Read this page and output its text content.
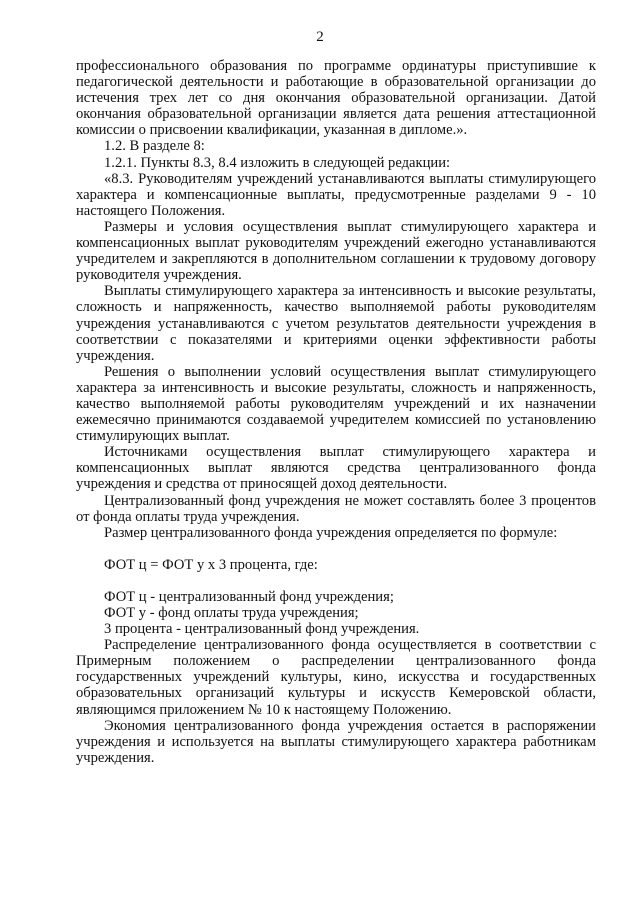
2

профессионального образования по программе ординатуры приступившие к педагогической деятельности и работающие в образовательной организации до истечения трех лет со дня окончания образовательной организации. Датой окончания образовательной организации является дата решения аттестационной комиссии о присвоении квалификации, указанная в дипломе.».

1.2. В разделе 8:

1.2.1. Пункты 8.3, 8.4 изложить в следующей редакции:

«8.3. Руководителям учреждений устанавливаются выплаты стимулирующего характера и компенсационные выплаты, предусмотренные разделами 9 - 10 настоящего Положения.

Размеры и условия осуществления выплат стимулирующего характера и компенсационных выплат руководителям учреждений ежегодно устанавливаются учредителем и закрепляются в дополнительном соглашении к трудовому договору руководителя учреждения.

Выплаты стимулирующего характера за интенсивность и высокие результаты, сложность и напряженность, качество выполняемой работы руководителям учреждения устанавливаются с учетом результатов деятельности учреждения в соответствии с показателями и критериями оценки эффективности работы учреждения.

Решения о выполнении условий осуществления выплат стимулирующего характера за интенсивность и высокие результаты, сложность и напряженность, качество выполняемой работы руководителям учреждений и их назначении ежемесячно принимаются создаваемой учредителем комиссией по установлению стимулирующих выплат.

Источниками осуществления выплат стимулирующего характера и компенсационных выплат являются средства централизованного фонда учреждения и средства от приносящей доход деятельности.

Централизованный фонд учреждения не может составлять более 3 процентов от фонда оплаты труда учреждения.

Размер централизованного фонда учреждения определяется по формуле:

ФОТ ц = ФОТ у х 3 процента, где:

ФОТ ц - централизованный фонд учреждения;

ФОТ у - фонд оплаты труда учреждения;

3 процента - централизованный фонд учреждения.

Распределение централизованного фонда осуществляется в соответствии с Примерным положением о распределении централизованного фонда государственных учреждений культуры, кино, искусства и государственных образовательных организаций культуры и искусств Кемеровской области, являющимся приложением № 10 к настоящему Положению.

Экономия централизованного фонда учреждения остается в распоряжении учреждения и используется на выплаты стимулирующего характера работникам учреждения.
